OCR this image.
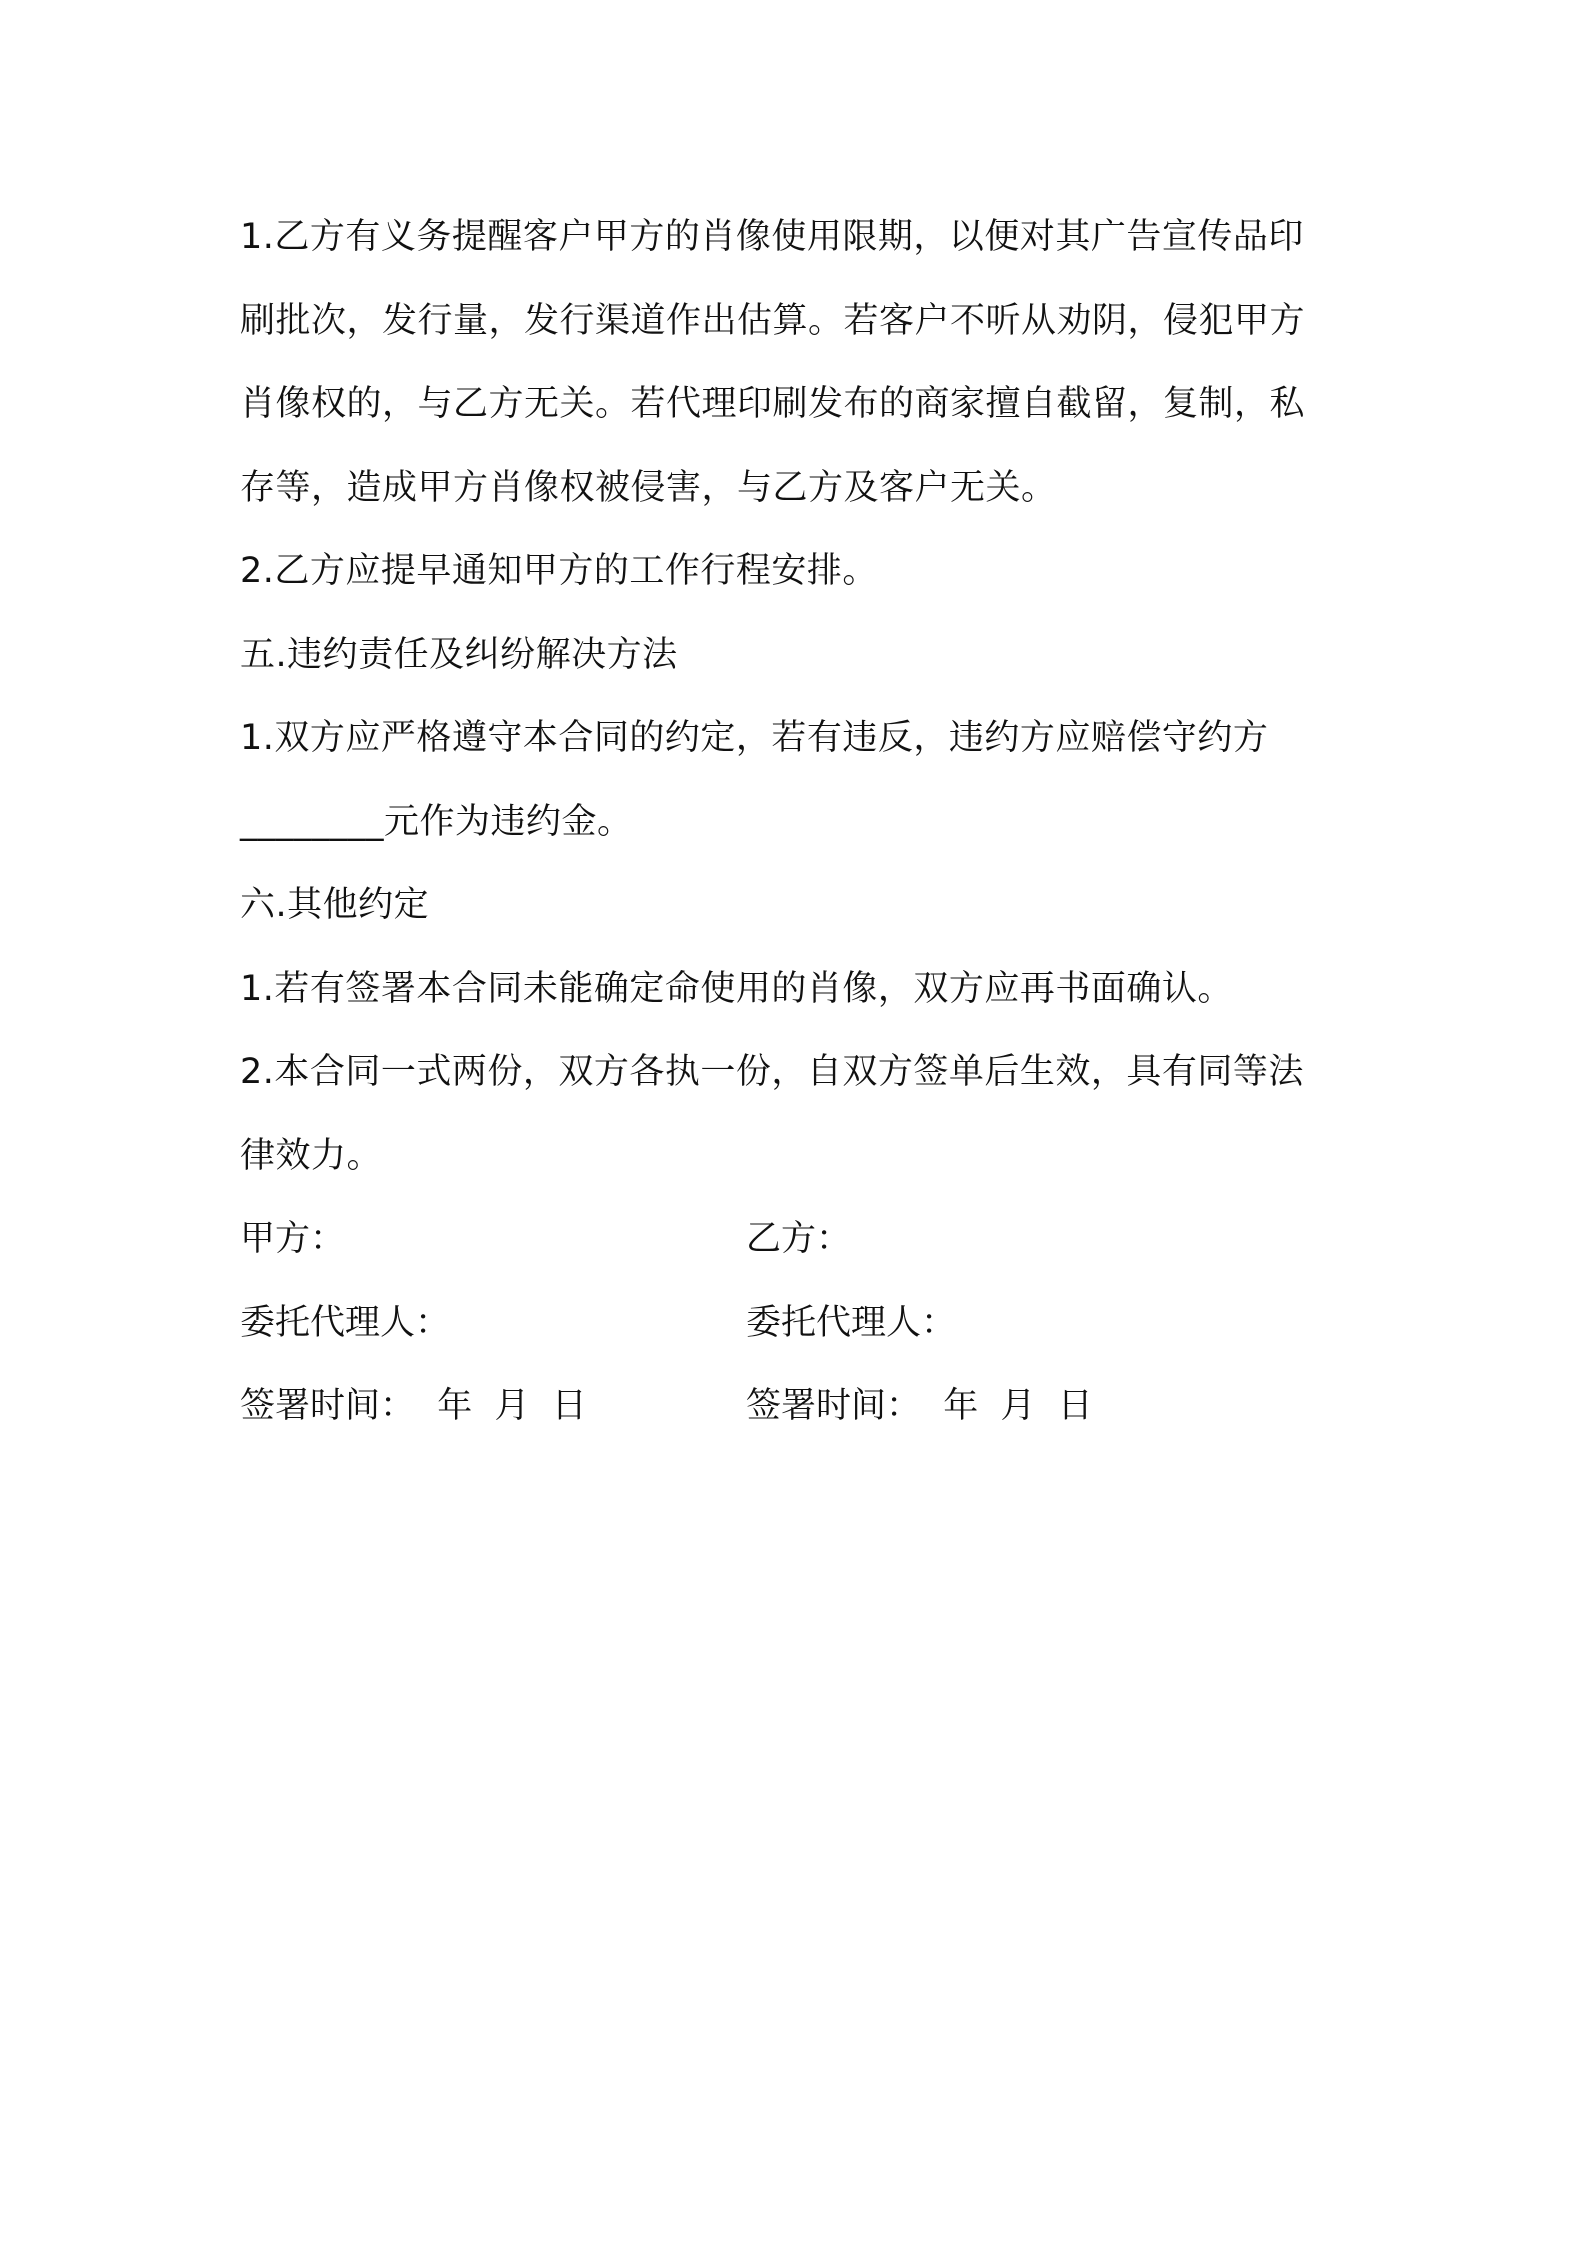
1.乙方有义务提醒客户甲方的肖像使用限期，以便对其广告宣传品印
刷批次，发行量，发行渠道作出估算。若客户不听从劝阴，侵犯甲方
肖像权的，与乙方无关。若代理印刷发布的商家擅自截留，复制，私
存等，造成甲方肖像权被侵害，与乙方及客户无关。
2.乙方应提早通知甲方的工作行程安排。
五.违约责任及纠纷解决方法
1.双方应严格遵守本合同的约定，若有违反，违约方应赔偿守约方
________元作为违约金。
六.其他约定
1.若有签署本合同未能确定命使用的肖像，双方应再书面确认。
2.本合同一式两份，双方各执一份，自双方签单后生效，具有同等法
律效力。
甲方：	乙方：
委托代理人：	委托代理人：
签署时间：  年  月  日	签署时间：  年  月  日
